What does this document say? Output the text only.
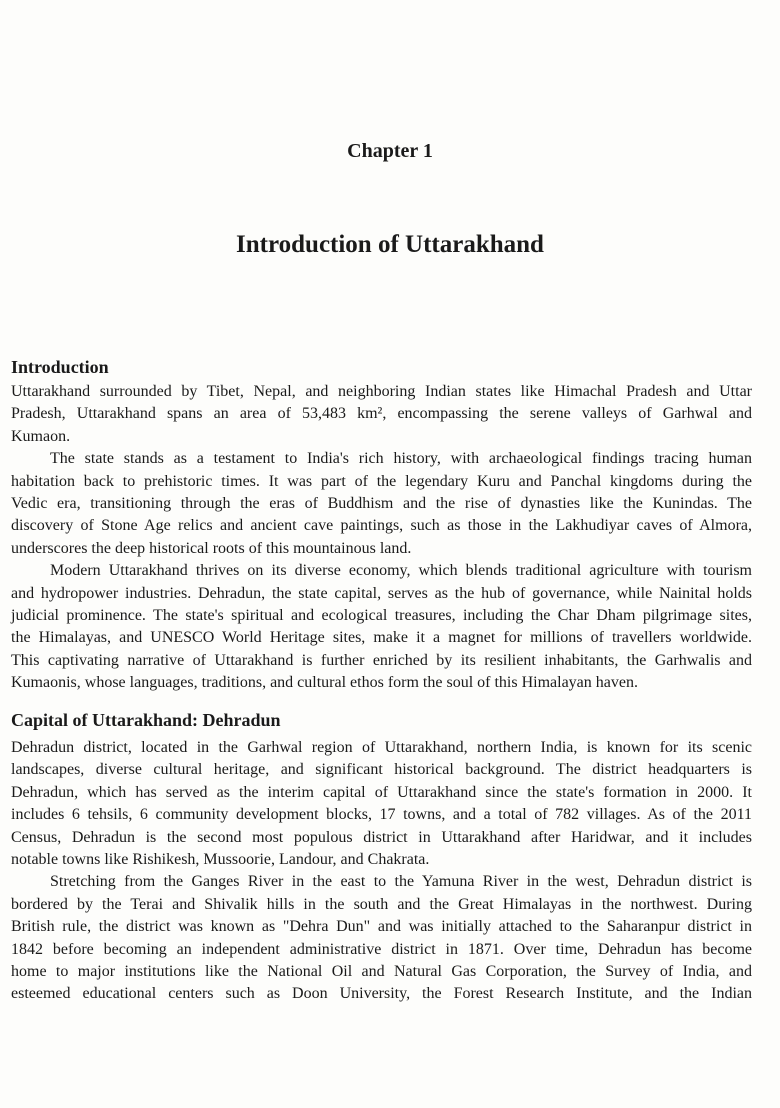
Chapter 1
Introduction of Uttarakhand
Introduction
Uttarakhand surrounded by Tibet, Nepal, and neighboring Indian states like Himachal Pradesh and Uttar
Pradesh, Uttarakhand spans an area of 53,483 km², encompassing the serene valleys of Garhwal and
Kumaon.
The state stands as a testament to India's rich history, with archaeological findings tracing human
habitation back to prehistoric times. It was part of the legendary Kuru and Panchal kingdoms during the
Vedic era, transitioning through the eras of Buddhism and the rise of dynasties like the Kunindas. The
discovery of Stone Age relics and ancient cave paintings, such as those in the Lakhudiyar caves of Almora,
underscores the deep historical roots of this mountainous land.
Modern Uttarakhand thrives on its diverse economy, which blends traditional agriculture with tourism
and hydropower industries. Dehradun, the state capital, serves as the hub of governance, while Nainital holds
judicial prominence. The state's spiritual and ecological treasures, including the Char Dham pilgrimage sites,
the Himalayas, and UNESCO World Heritage sites, make it a magnet for millions of travellers worldwide.
This captivating narrative of Uttarakhand is further enriched by its resilient inhabitants, the Garhwalis and
Kumaonis, whose languages, traditions, and cultural ethos form the soul of this Himalayan haven.
Capital of Uttarakhand: Dehradun
Dehradun district, located in the Garhwal region of Uttarakhand, northern India, is known for its scenic
landscapes, diverse cultural heritage, and significant historical background. The district headquarters is
Dehradun, which has served as the interim capital of Uttarakhand since the state's formation in 2000. It
includes 6 tehsils, 6 community development blocks, 17 towns, and a total of 782 villages. As of the 2011
Census, Dehradun is the second most populous district in Uttarakhand after Haridwar, and it includes
notable towns like Rishikesh, Mussoorie, Landour, and Chakrata.
Stretching from the Ganges River in the east to the Yamuna River in the west, Dehradun district is
bordered by the Terai and Shivalik hills in the south and the Great Himalayas in the northwest. During
British rule, the district was known as "Dehra Dun" and was initially attached to the Saharanpur district in
1842 before becoming an independent administrative district in 1871. Over time, Dehradun has become
home to major institutions like the National Oil and Natural Gas Corporation, the Survey of India, and
esteemed educational centers such as Doon University, the Forest Research Institute, and the Indian
